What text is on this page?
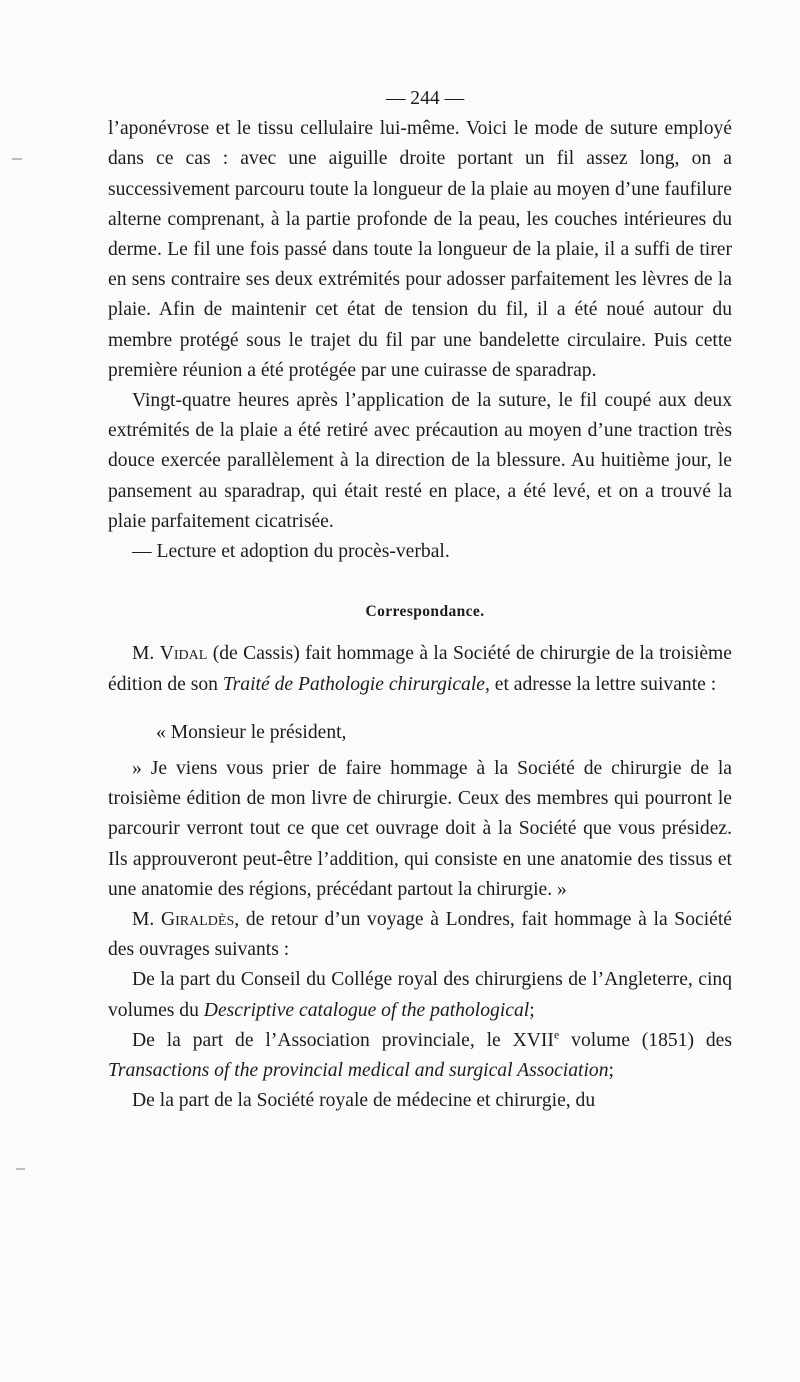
— 244 —

l’aponévrose et le tissu cellulaire lui-même. Voici le mode de suture employé dans ce cas : avec une aiguille droite portant un fil assez long, on a successivement parcouru toute la longueur de la plaie au moyen d’une faufilure alterne comprenant, à la partie profonde de la peau, les couches intérieures du derme. Le fil une fois passé dans toute la longueur de la plaie, il a suffi de tirer en sens contraire ses deux extrémités pour adosser parfaitement les lèvres de la plaie. Afin de maintenir cet état de tension du fil, il a été noué autour du membre protégé sous le trajet du fil par une bandelette circulaire. Puis cette première réunion a été protégée par une cuirasse de sparadrap.

Vingt-quatre heures après l’application de la suture, le fil coupé aux deux extrémités de la plaie a été retiré avec précaution au moyen d’une traction très douce exercée parallèlement à la direction de la blessure. Au huitième jour, le pansement au sparadrap, qui était resté en place, a été levé, et on a trouvé la plaie parfaitement cicatrisée.

— Lecture et adoption du procès-verbal.

Correspondance.

M. Vidal (de Cassis) fait hommage à la Société de chirurgie de la troisième édition de son Traité de Pathologie chirurgicale, et adresse la lettre suivante :

« Monsieur le président,

» Je viens vous prier de faire hommage à la Société de chirurgie de la troisième édition de mon livre de chirurgie. Ceux des membres qui pourront le parcourir verront tout ce que cet ouvrage doit à la Société que vous présidez. Ils approuveront peut-être l’addition, qui consiste en une anatomie des tissus et une anatomie des régions, précédant partout la chirurgie. »

M. Giraldès, de retour d’un voyage à Londres, fait hommage à la Société des ouvrages suivants :

De la part du Conseil du Collége royal des chirurgiens de l’Angleterre, cinq volumes du Descriptive catalogue of the pathological;

De la part de l’Association provinciale, le XVIIe volume (1851) des Transactions of the provincial medical and surgical Association;

De la part de la Société royale de médecine et chirurgie, du
